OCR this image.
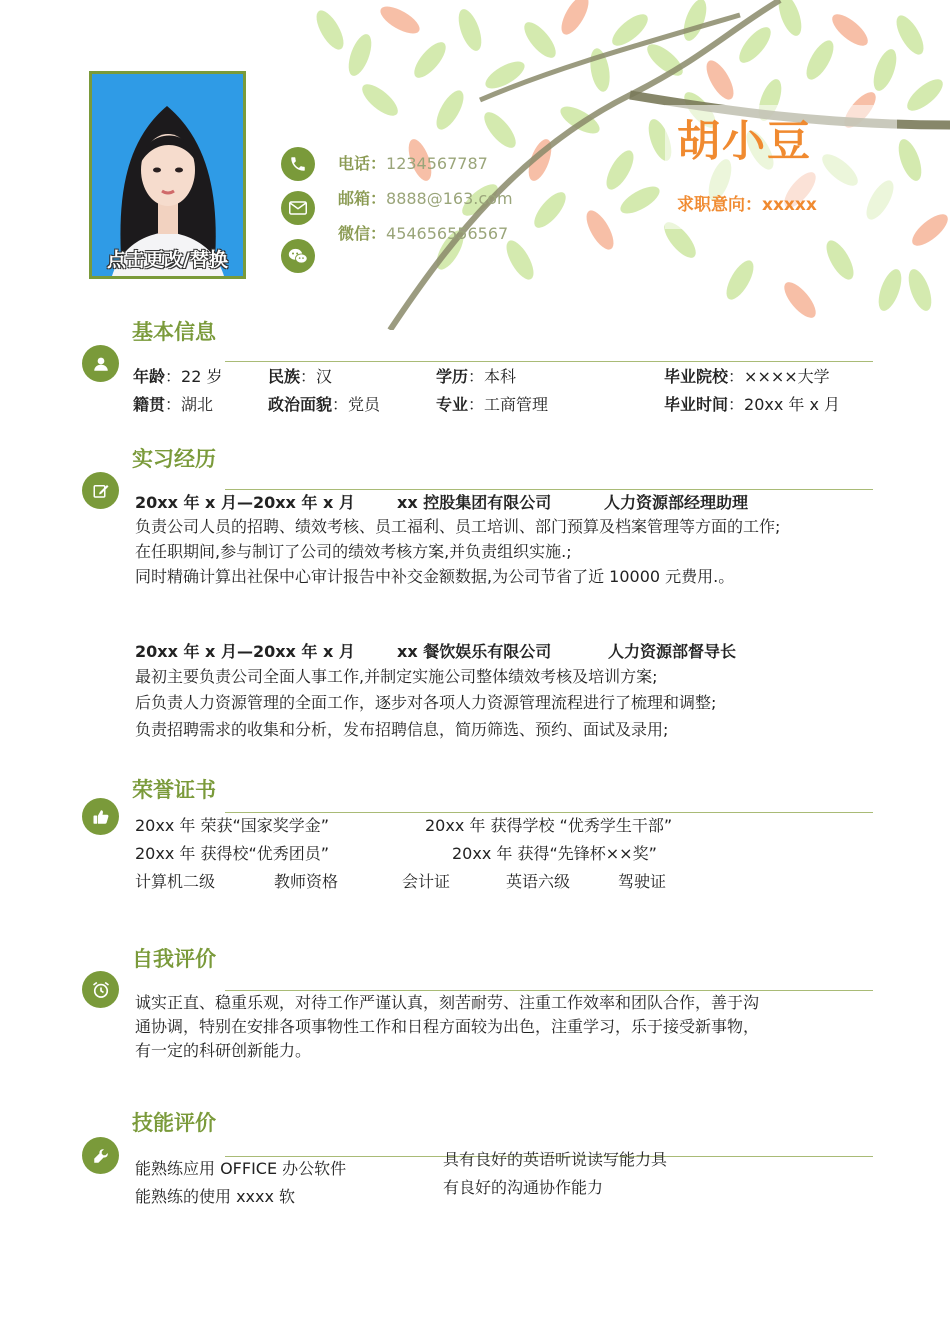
点击更改/替换
电话：1234567787
邮箱：8888@163.com
微信：454656556567
胡小豆
求职意向：xxxxx
基本信息
年龄：22 岁	民族：汉	学历：本科	毕业院校：××××大学
籍贯：湖北	政治面貌：党员	专业：工商管理	毕业时间：20xx 年 x 月
实习经历
20xx 年 x 月—20xx 年 x 月	xx 控股集团有限公司	人力资源部经理助理
负责公司人员的招聘、绩效考核、员工福利、员工培训、部门预算及档案管理等方面的工作;
在任职期间,参与制订了公司的绩效考核方案,并负责组织实施.;
同时精确计算出社保中心审计报告中补交金额数据,为公司节省了近 10000 元费用.。
20xx 年 x 月—20xx 年 x 月	xx 餐饮娱乐有限公司	人力资源部督导长
最初主要负责公司全面人事工作,并制定实施公司整体绩效考核及培训方案;
后负责人力资源管理的全面工作，逐步对各项人力资源管理流程进行了梳理和调整;
负责招聘需求的收集和分析，发布招聘信息，简历筛选、预约、面试及录用;
荣誉证书
20xx 年 荣获“国家奖学金”	20xx 年 获得学校 “优秀学生干部”
20xx 年 获得校“优秀团员”	20xx 年 获得“先锋杯××奖”
计算机二级	教师资格	会计证	英语六级	驾驶证
自我评价
诚实正直、稳重乐观，对待工作严谨认真，刻苦耐劳、注重工作效率和团队合作，善于沟
通协调，特别在安排各项事物性工作和日程方面较为出色，注重学习，乐于接受新事物，
有一定的科研创新能力。
技能评价
能熟练应用 OFFICE 办公软件
能熟练的使用 xxxx 软
具有良好的英语听说读写能力具
有良好的沟通协作能力
